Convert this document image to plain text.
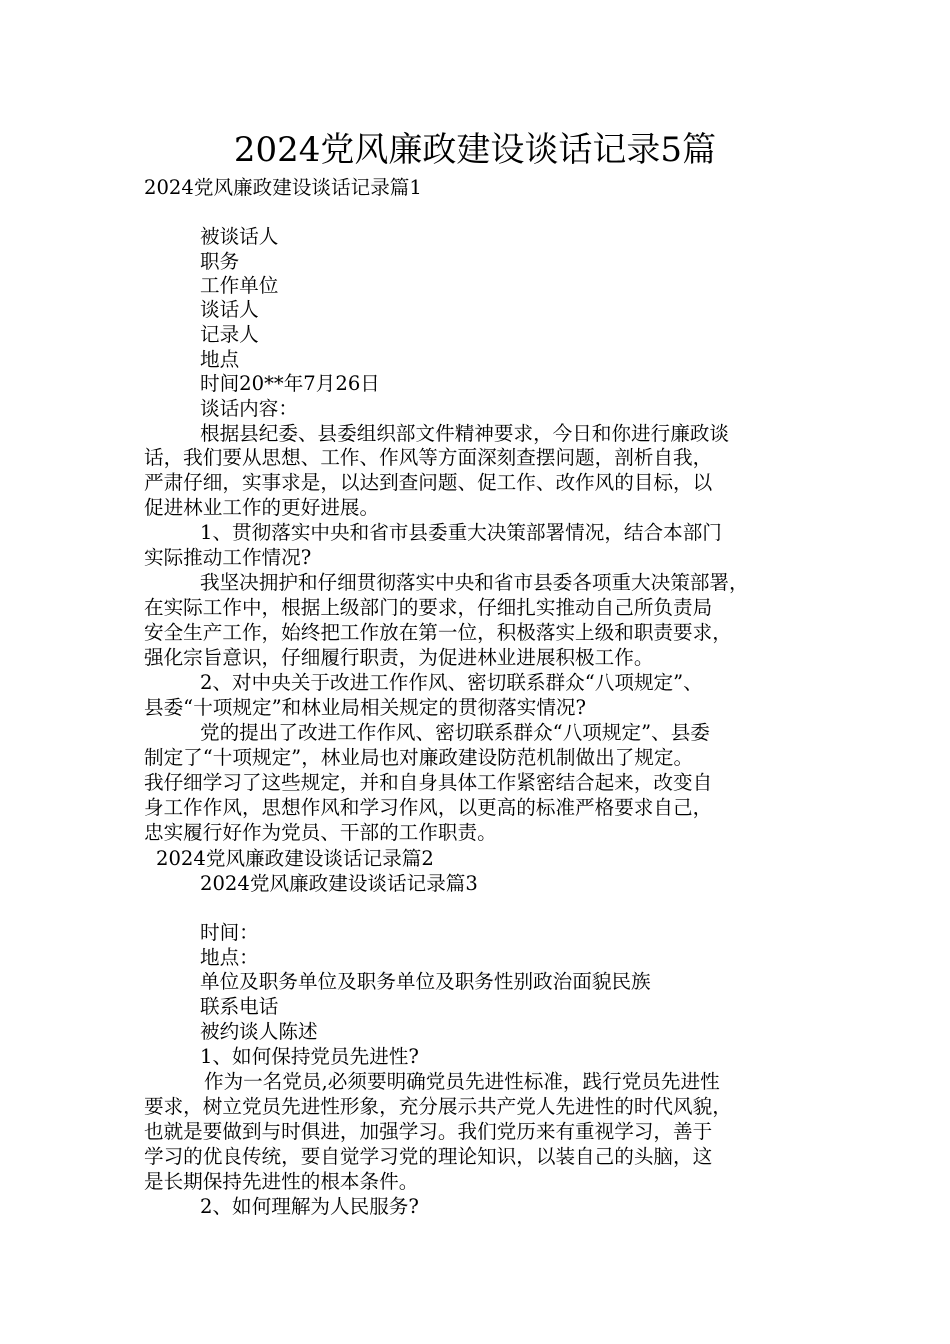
2024党风廉政建设谈话记录5篇
2024党风廉政建设谈话记录篇1
被谈话人
职务
工作单位
谈话人
记录人
地点
时间20**年7月26日
谈话内容：
根据县纪委、县委组织部文件精神要求，今日和你进行廉政谈
话，我们要从思想、工作、作风等方面深刻查摆问题，剖析自我，
严肃仔细，实事求是，以达到查问题、促工作、改作风的目标，以
促进林业工作的更好进展。
1、贯彻落实中央和省市县委重大决策部署情况，结合本部门
实际推动工作情况?
我坚决拥护和仔细贯彻落实中央和省市县委各项重大决策部署，
在实际工作中，根据上级部门的要求，仔细扎实推动自己所负责局
安全生产工作，始终把工作放在第一位，积极落实上级和职责要求，
强化宗旨意识，仔细履行职责，为促进林业进展积极工作。
2、对中央关于改进工作作风、密切联系群众“八项规定”、
县委“十项规定”和林业局相关规定的贯彻落实情况?
党的提出了改进工作作风、密切联系群众“八项规定”、县委
制定了“十项规定”，林业局也对廉政建设防范机制做出了规定。
我仔细学习了这些规定，并和自身具体工作紧密结合起来，改变自
身工作作风，思想作风和学习作风，以更高的标准严格要求自己，
忠实履行好作为党员、干部的工作职责。
2024党风廉政建设谈话记录篇2
2024党风廉政建设谈话记录篇3
时间：
地点：
单位及职务单位及职务单位及职务性别政治面貌民族
联系电话
被约谈人陈述
1、如何保持党员先进性?
作为一名党员,必须要明确党员先进性标准，践行党员先进性
要求，树立党员先进性形象，充分展示共产党人先进性的时代风貌，
也就是要做到与时俱进，加强学习。我们党历来有重视学习，善于
学习的优良传统，要自觉学习党的理论知识，以装自己的头脑，这
是长期保持先进性的根本条件。
2、如何理解为人民服务?
